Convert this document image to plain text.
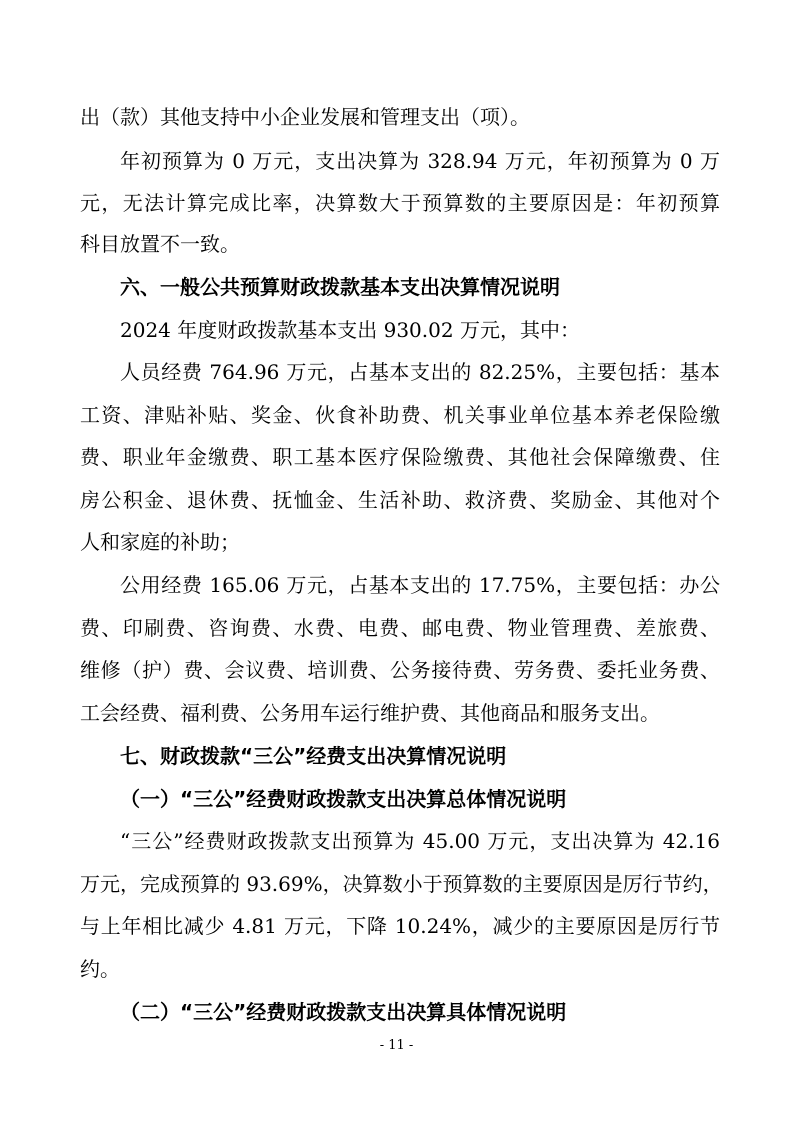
出（款）其他支持中小企业发展和管理支出（项）。
年初预算为 0 万元，支出决算为 328.94 万元，年初预算为 0 万
元，无法计算完成比率，决算数大于预算数的主要原因是：年初预算
科目放置不一致。
六、一般公共预算财政拨款基本支出决算情况说明
2024 年度财政拨款基本支出 930.02 万元，其中：
人员经费 764.96 万元，占基本支出的 82.25%，主要包括：基本
工资、津贴补贴、奖金、伙食补助费、机关事业单位基本养老保险缴
费、职业年金缴费、职工基本医疗保险缴费、其他社会保障缴费、住
房公积金、退休费、抚恤金、生活补助、救济费、奖励金、其他对个
人和家庭的补助；
公用经费 165.06 万元，占基本支出的 17.75%，主要包括：办公
费、印刷费、咨询费、水费、电费、邮电费、物业管理费、差旅费、
维修（护）费、会议费、培训费、公务接待费、劳务费、委托业务费、
工会经费、福利费、公务用车运行维护费、其他商品和服务支出。
七、财政拨款“三公”经费支出决算情况说明
（一）“三公”经费财政拨款支出决算总体情况说明
“三公”经费财政拨款支出预算为 45.00 万元，支出决算为 42.16
万元，完成预算的 93.69%，决算数小于预算数的主要原因是厉行节约，
与上年相比减少 4.81 万元，下降 10.24%，减少的主要原因是厉行节
约。
（二）“三公”经费财政拨款支出决算具体情况说明
- 11 -
